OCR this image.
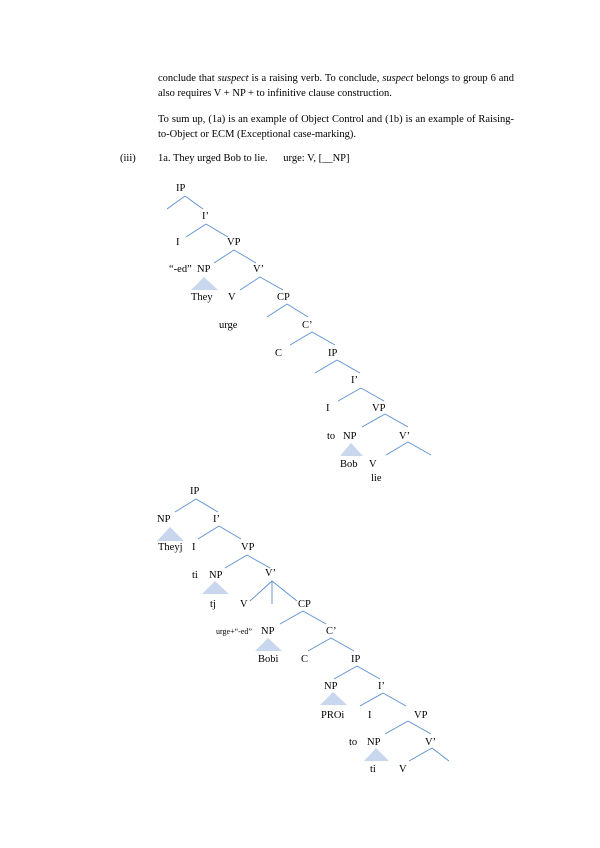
conclude that suspect is a raising verb. To conclude, suspect belongs to group 6 and also requires V + NP + to infinitive clause construction.
To sum up, (1a) is an example of Object Control and (1b) is an example of Raising-to-Object or ECM (Exceptional case-marking).
(iii) 1a. They urged Bob to lie.      urge: V, [__NP]
IP
I’
I	VP
“-ed” NP	V’
They V	CP
urge	C’
C	IP
I’
I	VP
to NP	V’
Bob V
lie
IP
NP	I’
Theyj I	VP
ti NP	V’
tj V	CP
urge+“-ed” NP	C’
Bobi C	IP
NP	I’
PROi I	VP
to NP	V’
ti V
